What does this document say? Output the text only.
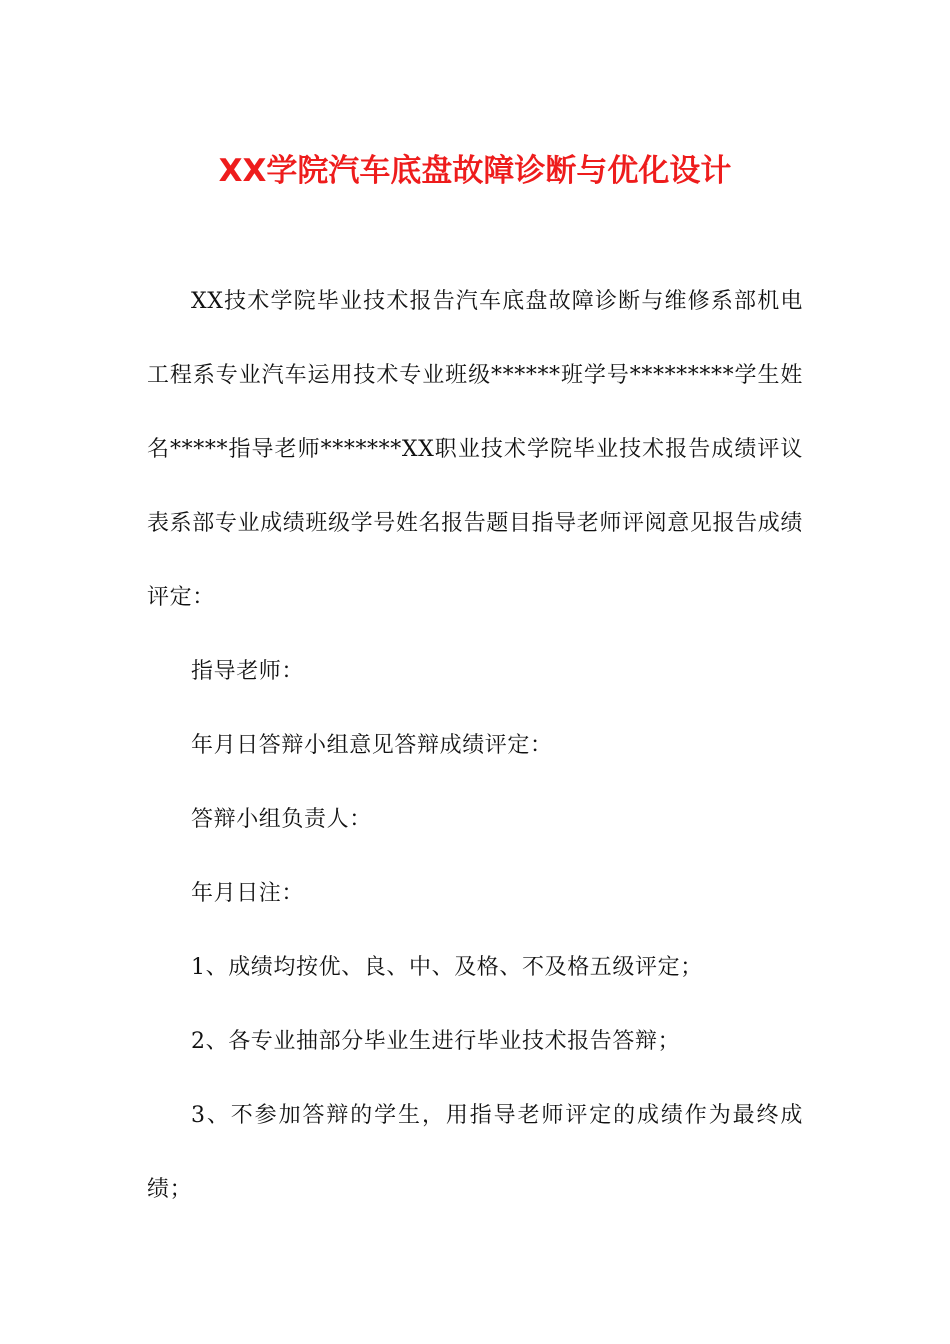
XX学院汽车底盘故障诊断与优化设计

XX技术学院毕业技术报告汽车底盘故障诊断与维修系部机电工程系专业汽车运用技术专业班级******班学号*********学生姓名*****指导老师*******XX职业技术学院毕业技术报告成绩评议表系部专业成绩班级学号姓名报告题目指导老师评阅意见报告成绩评定：

指导老师：

年月日答辩小组意见答辩成绩评定：

答辩小组负责人：

年月日注：

1、成绩均按优、良、中、及格、不及格五级评定；

2、各专业抽部分毕业生进行毕业技术报告答辩；

3、不参加答辩的学生，用指导老师评定的成绩作为最终成绩；
